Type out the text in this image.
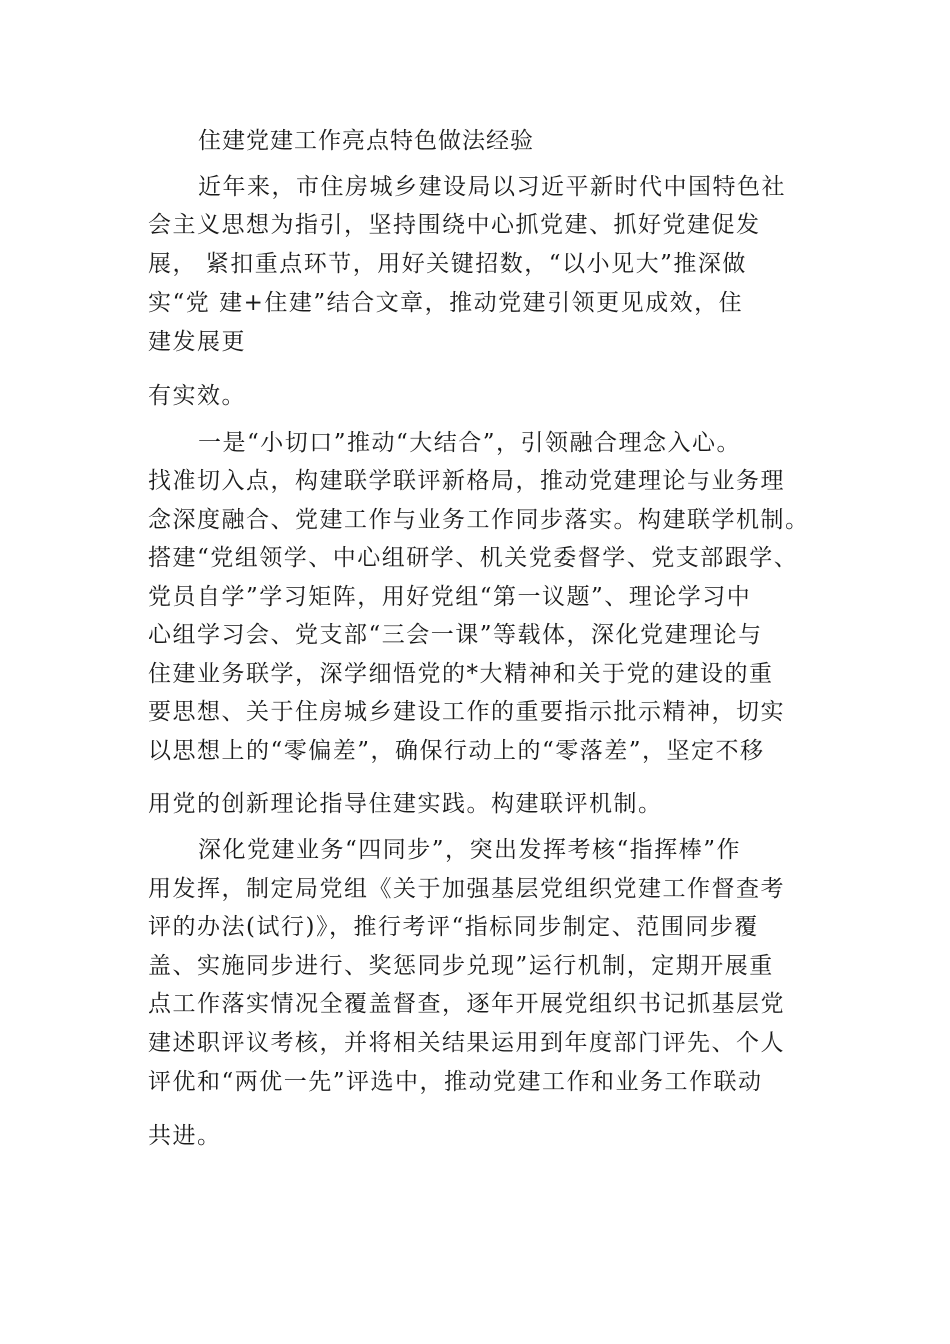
住建党建工作亮点特色做法经验
近年来，市住房城乡建设局以习近平新时代中国特色社
会主义思想为指引，坚持围绕中心抓党建、抓好党建促发
展， 紧扣重点环节，用好关键招数，“以小见大”推深做
实“党 建+住建”结合文章，推动党建引领更见成效，住
建发展更
有实效。
一是“小切口”推动“大结合”，引领融合理念入心。
找准切入点，构建联学联评新格局，推动党建理论与业务理
念深度融合、党建工作与业务工作同步落实。构建联学机制。
搭建“党组领学、中心组研学、机关党委督学、党支部跟学、
党员自学”学习矩阵，用好党组“第一议题”、理论学习中
心组学习会、党支部“三会一课”等载体，深化党建理论与
住建业务联学，深学细悟党的*大精神和关于党的建设的重
要思想、关于住房城乡建设工作的重要指示批示精神，切实
以思想上的“零偏差”，确保行动上的“零落差”，坚定不移
用党的创新理论指导住建实践。构建联评机制。
深化党建业务“四同步”，突出发挥考核“指挥棒”作
用发挥，制定局党组《关于加强基层党组织党建工作督查考
评的办法(试行)》，推行考评“指标同步制定、范围同步覆
盖、实施同步进行、奖惩同步兑现”运行机制，定期开展重
点工作落实情况全覆盖督查，逐年开展党组织书记抓基层党
建述职评议考核，并将相关结果运用到年度部门评先、个人
评优和“两优一先”评选中，推动党建工作和业务工作联动
共进。
